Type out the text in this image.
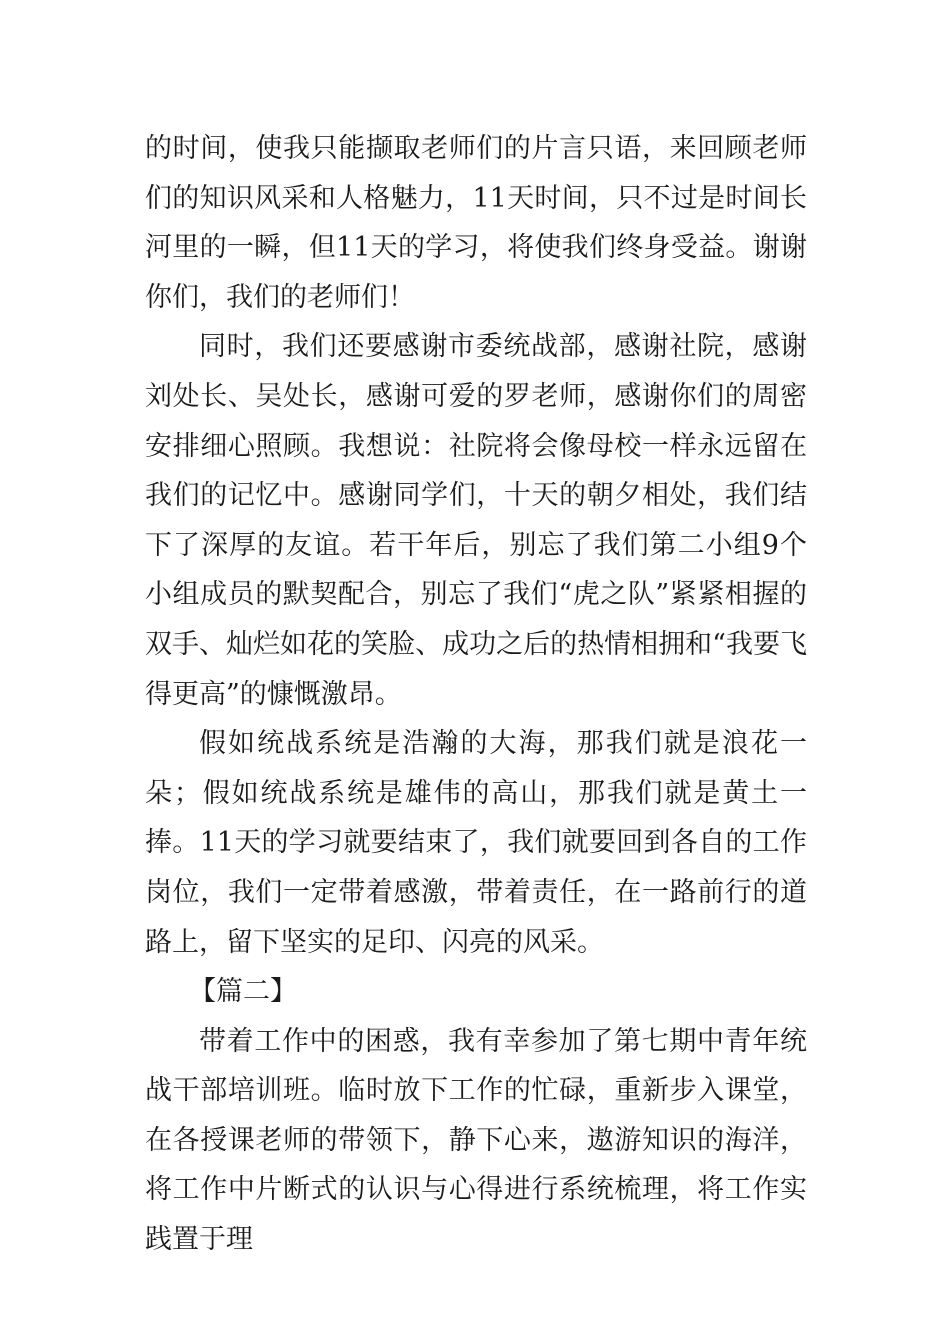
的时间，使我只能撷取老师们的片言只语，来回顾老师们的知识风采和人格魅力，11天时间，只不过是时间长河里的一瞬，但11天的学习，将使我们终身受益。谢谢你们，我们的老师们！

同时，我们还要感谢市委统战部，感谢社院，感谢刘处长、吴处长，感谢可爱的罗老师，感谢你们的周密安排细心照顾。我想说：社院将会像母校一样永远留在我们的记忆中。感谢同学们，十天的朝夕相处，我们结下了深厚的友谊。若干年后，别忘了我们第二小组9个小组成员的默契配合，别忘了我们“虎之队”紧紧相握的双手、灿烂如花的笑脸、成功之后的热情相拥和“我要飞得更高”的慷慨激昂。

假如统战系统是浩瀚的大海，那我们就是浪花一朵；假如统战系统是雄伟的高山，那我们就是黄土一捧。11天的学习就要结束了，我们就要回到各自的工作岗位，我们一定带着感激，带着责任，在一路前行的道路上，留下坚实的足印、闪亮的风采。

【篇二】

带着工作中的困惑，我有幸参加了第七期中青年统战干部培训班。临时放下工作的忙碌，重新步入课堂，在各授课老师的带领下，静下心来，遨游知识的海洋，将工作中片断式的认识与心得进行系统梳理，将工作实践置于理
